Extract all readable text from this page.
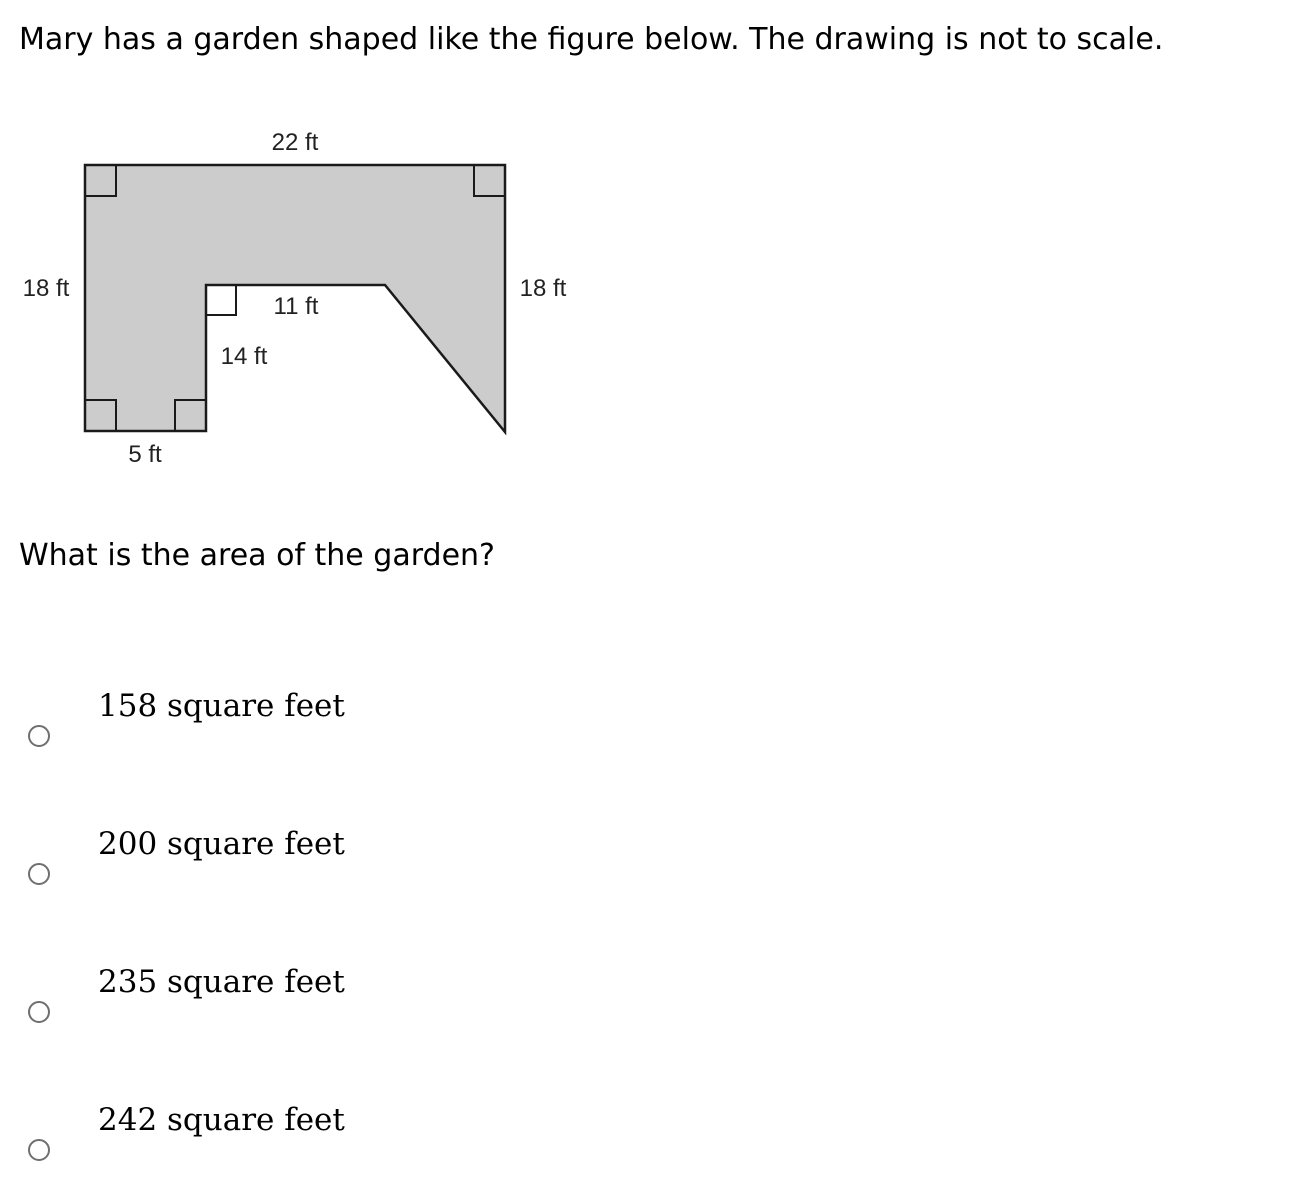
Mary has a garden shaped like the figure below. The drawing is not to scale.
22 ft
18 ft	18 ft
11 ft
14 ft
5 ft
What is the area of the garden?
158 square feet
200 square feet
235 square feet
242 square feet
